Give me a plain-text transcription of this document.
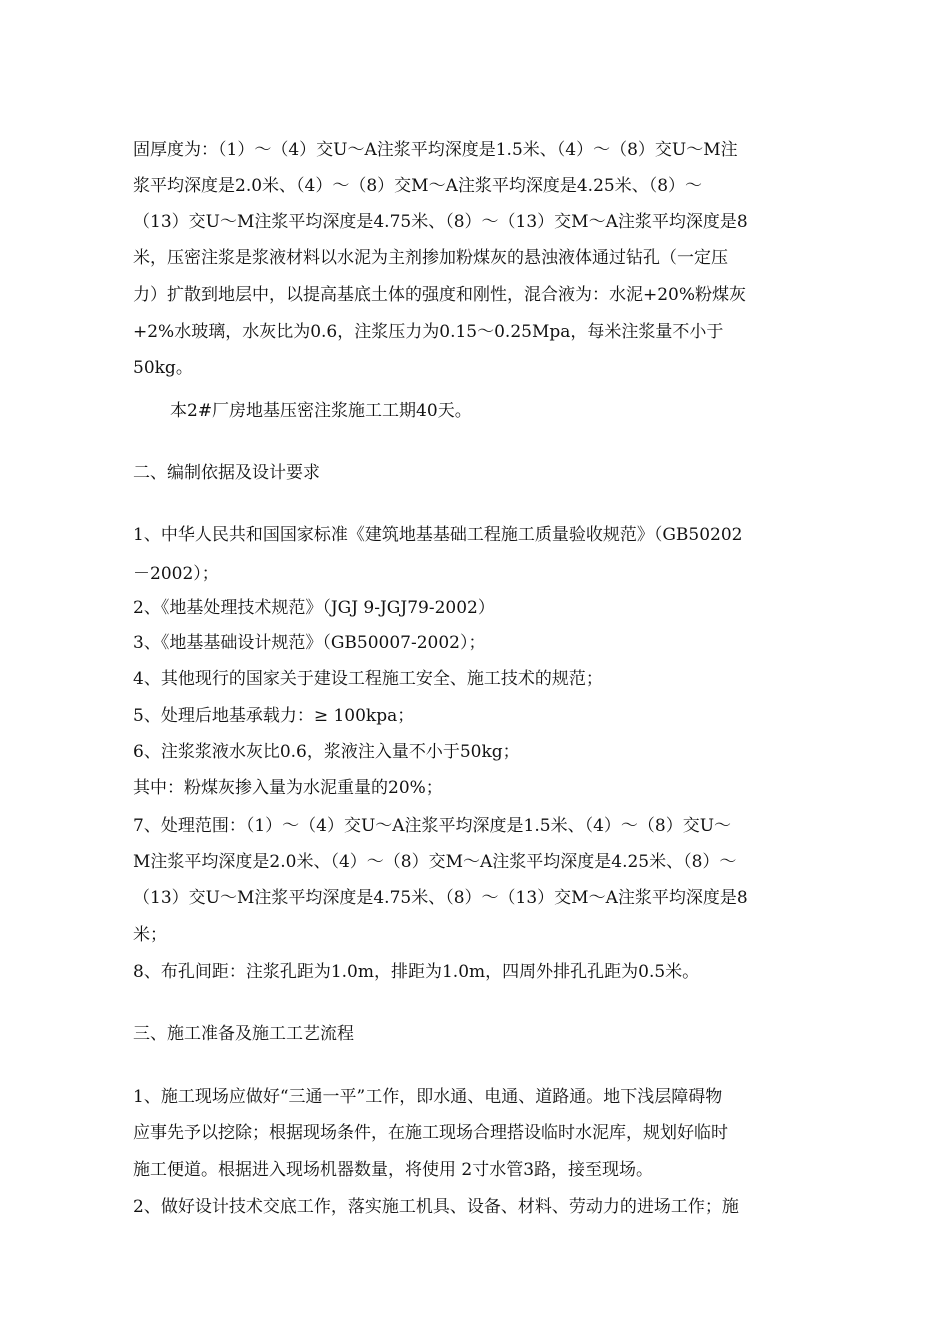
固厚度为：（1）～（4）交U～A注浆平均深度是1.5米、（4）～（8）交U～M注

浆平均深度是2.0米、（4）～（8）交M～A注浆平均深度是4.25米、（8）～

（13）交U～M注浆平均深度是4.75米、（8）～（13）交M～A注浆平均深度是8

米，压密注浆是浆液材料以水泥为主剂掺加粉煤灰的悬浊液体通过钻孔（一定压

力）扩散到地层中，以提高基底土体的强度和刚性，混合液为：水泥+20%粉煤灰

+2%水玻璃，水灰比为0.6，注浆压力为0.15～0.25Mpa，每米注浆量不小于

50kg。

本2#厂房地基压密注浆施工工期40天。

二、编制依据及设计要求

1、中华人民共和国国家标准《建筑地基基础工程施工质量验收规范》（GB50202

－2002）；

2、《地基处理技术规范》（JGJ 9-JGJ79-2002）

3、《地基基础设计规范》（GB50007-2002）；

4、其他现行的国家关于建设工程施工安全、施工技术的规范；

5、处理后地基承载力：≥ 100kpa；

6、注浆浆液水灰比0.6，浆液注入量不小于50kg；

其中：粉煤灰掺入量为水泥重量的20%；

7、处理范围：（1）～（4）交U～A注浆平均深度是1.5米、（4）～（8）交U～

M注浆平均深度是2.0米、（4）～（8）交M～A注浆平均深度是4.25米、（8）～

（13）交U～M注浆平均深度是4.75米、（8）～（13）交M～A注浆平均深度是8

米；

8、布孔间距：注浆孔距为1.0m，排距为1.0m，四周外排孔孔距为0.5米。

三、施工准备及施工工艺流程

1、施工现场应做好“三通一平”工作，即水通、电通、道路通。地下浅层障碍物

应事先予以挖除；根据现场条件，在施工现场合理搭设临时水泥库，规划好临时

施工便道。根据进入现场机器数量，将使用 2寸水管3路，接至现场。

2、做好设计技术交底工作，落实施工机具、设备、材料、劳动力的进场工作；施
